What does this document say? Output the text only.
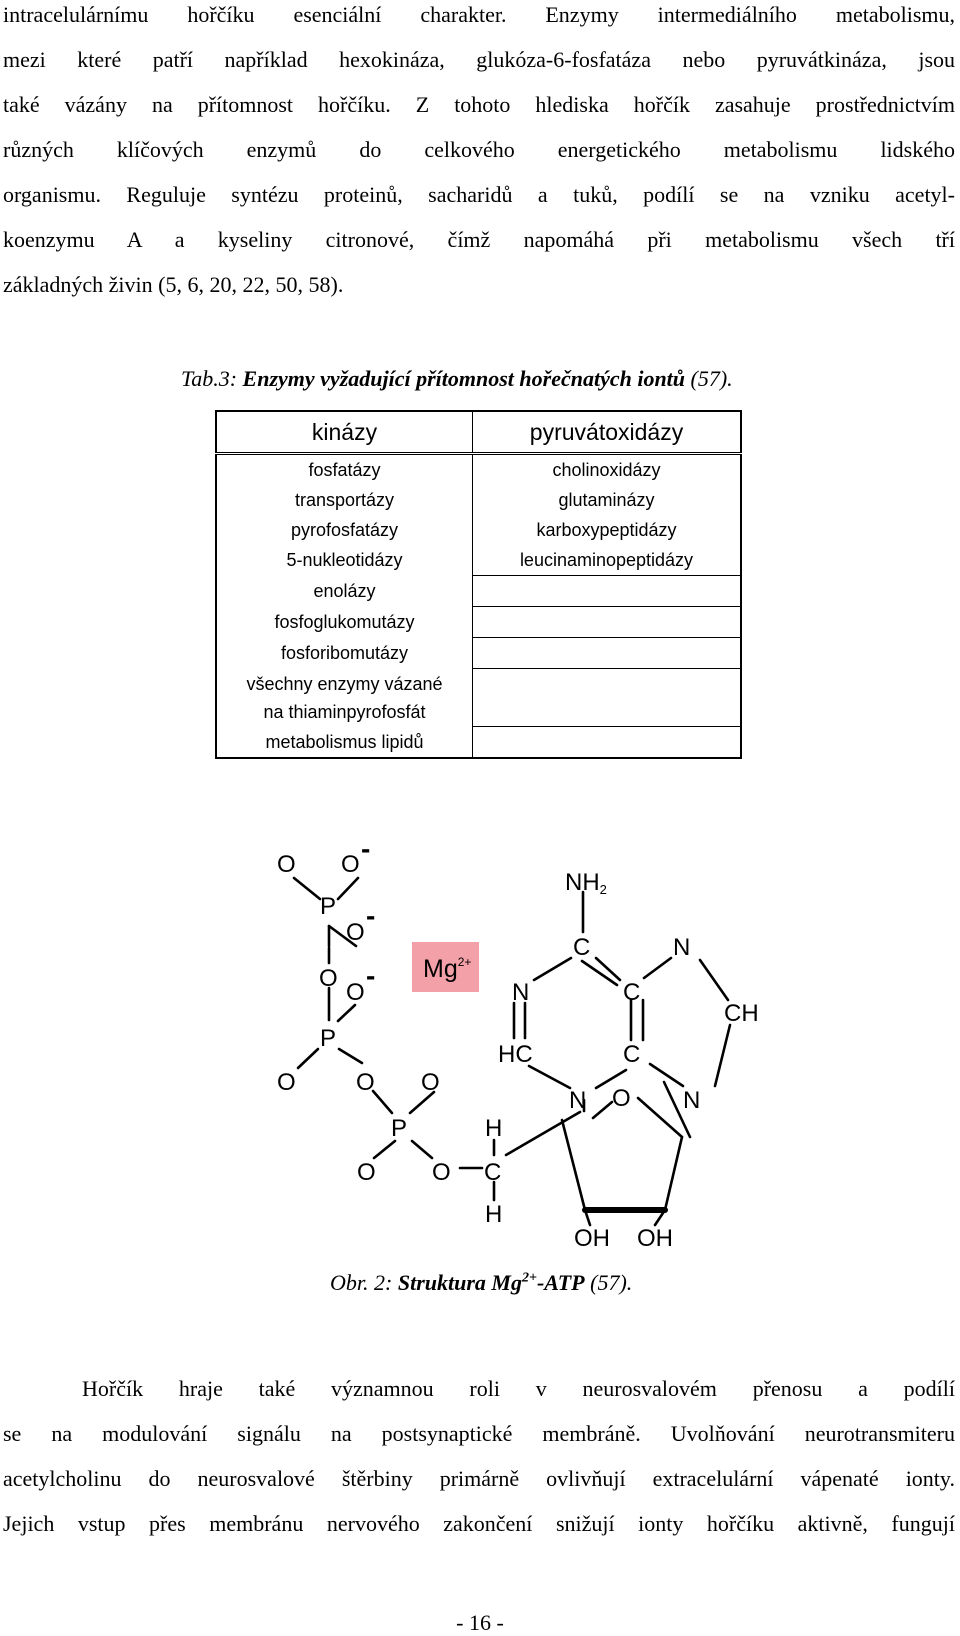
intracelulárnímu hořčíku esenciální charakter. Enzymy intermediálního metabolismu,
mezi které patří například hexokináza, glukóza-6-fosfatáza nebo pyruvátkináza, jsou
také vázány na přítomnost hořčíku. Z tohoto hlediska hořčík zasahuje prostřednictvím
různých klíčových enzymů do celkového energetického metabolismu lidského
organismu. Reguluje syntézu proteinů, sacharidů a tuků, podílí se na vzniku acetyl-
koenzymu A a kyseliny citronové, čímž napomáhá při metabolismu všech tří
základných živin (5, 6, 20, 22, 50, 58).
Tab.3: Enzymy vyžadující přítomnost hořečnatých iontů (57).
kinázy	pyruvátoxidázy
fosfatázy	cholinoxidázy
transportázy	glutaminázy
pyrofosfatázy	karboxypeptidázy
5-nukleotidázy	leucinaminopeptidázy
enolázy	
fosfoglukomutázy	
fosforibomutázy	
všechny enzymy vázané na thiaminpyrofosfát	
metabolismus lipidů	
O O
-
P
O
-
O
O
-
P
O	O O
P
O O
H
C
H
O
OH OH
NH2
C	N
N	C
CH
HC	C
N	N
$Mg^{2+}$
Obr. 2: Struktura $Mg^{2+}$-ATP (57).
Hořčík hraje také významnou roli v neurosvalovém přenosu a podílí
se na modulování signálu na postsynaptické membráně. Uvolňování neurotransmiteru
acetylcholinu do neurosvalové štěrbiny primárně ovlivňují extracelulární vápenaté ionty.
Jejich vstup přes membránu nervového zakončení snižují ionty hořčíku aktivně, fungují
- 16 -
